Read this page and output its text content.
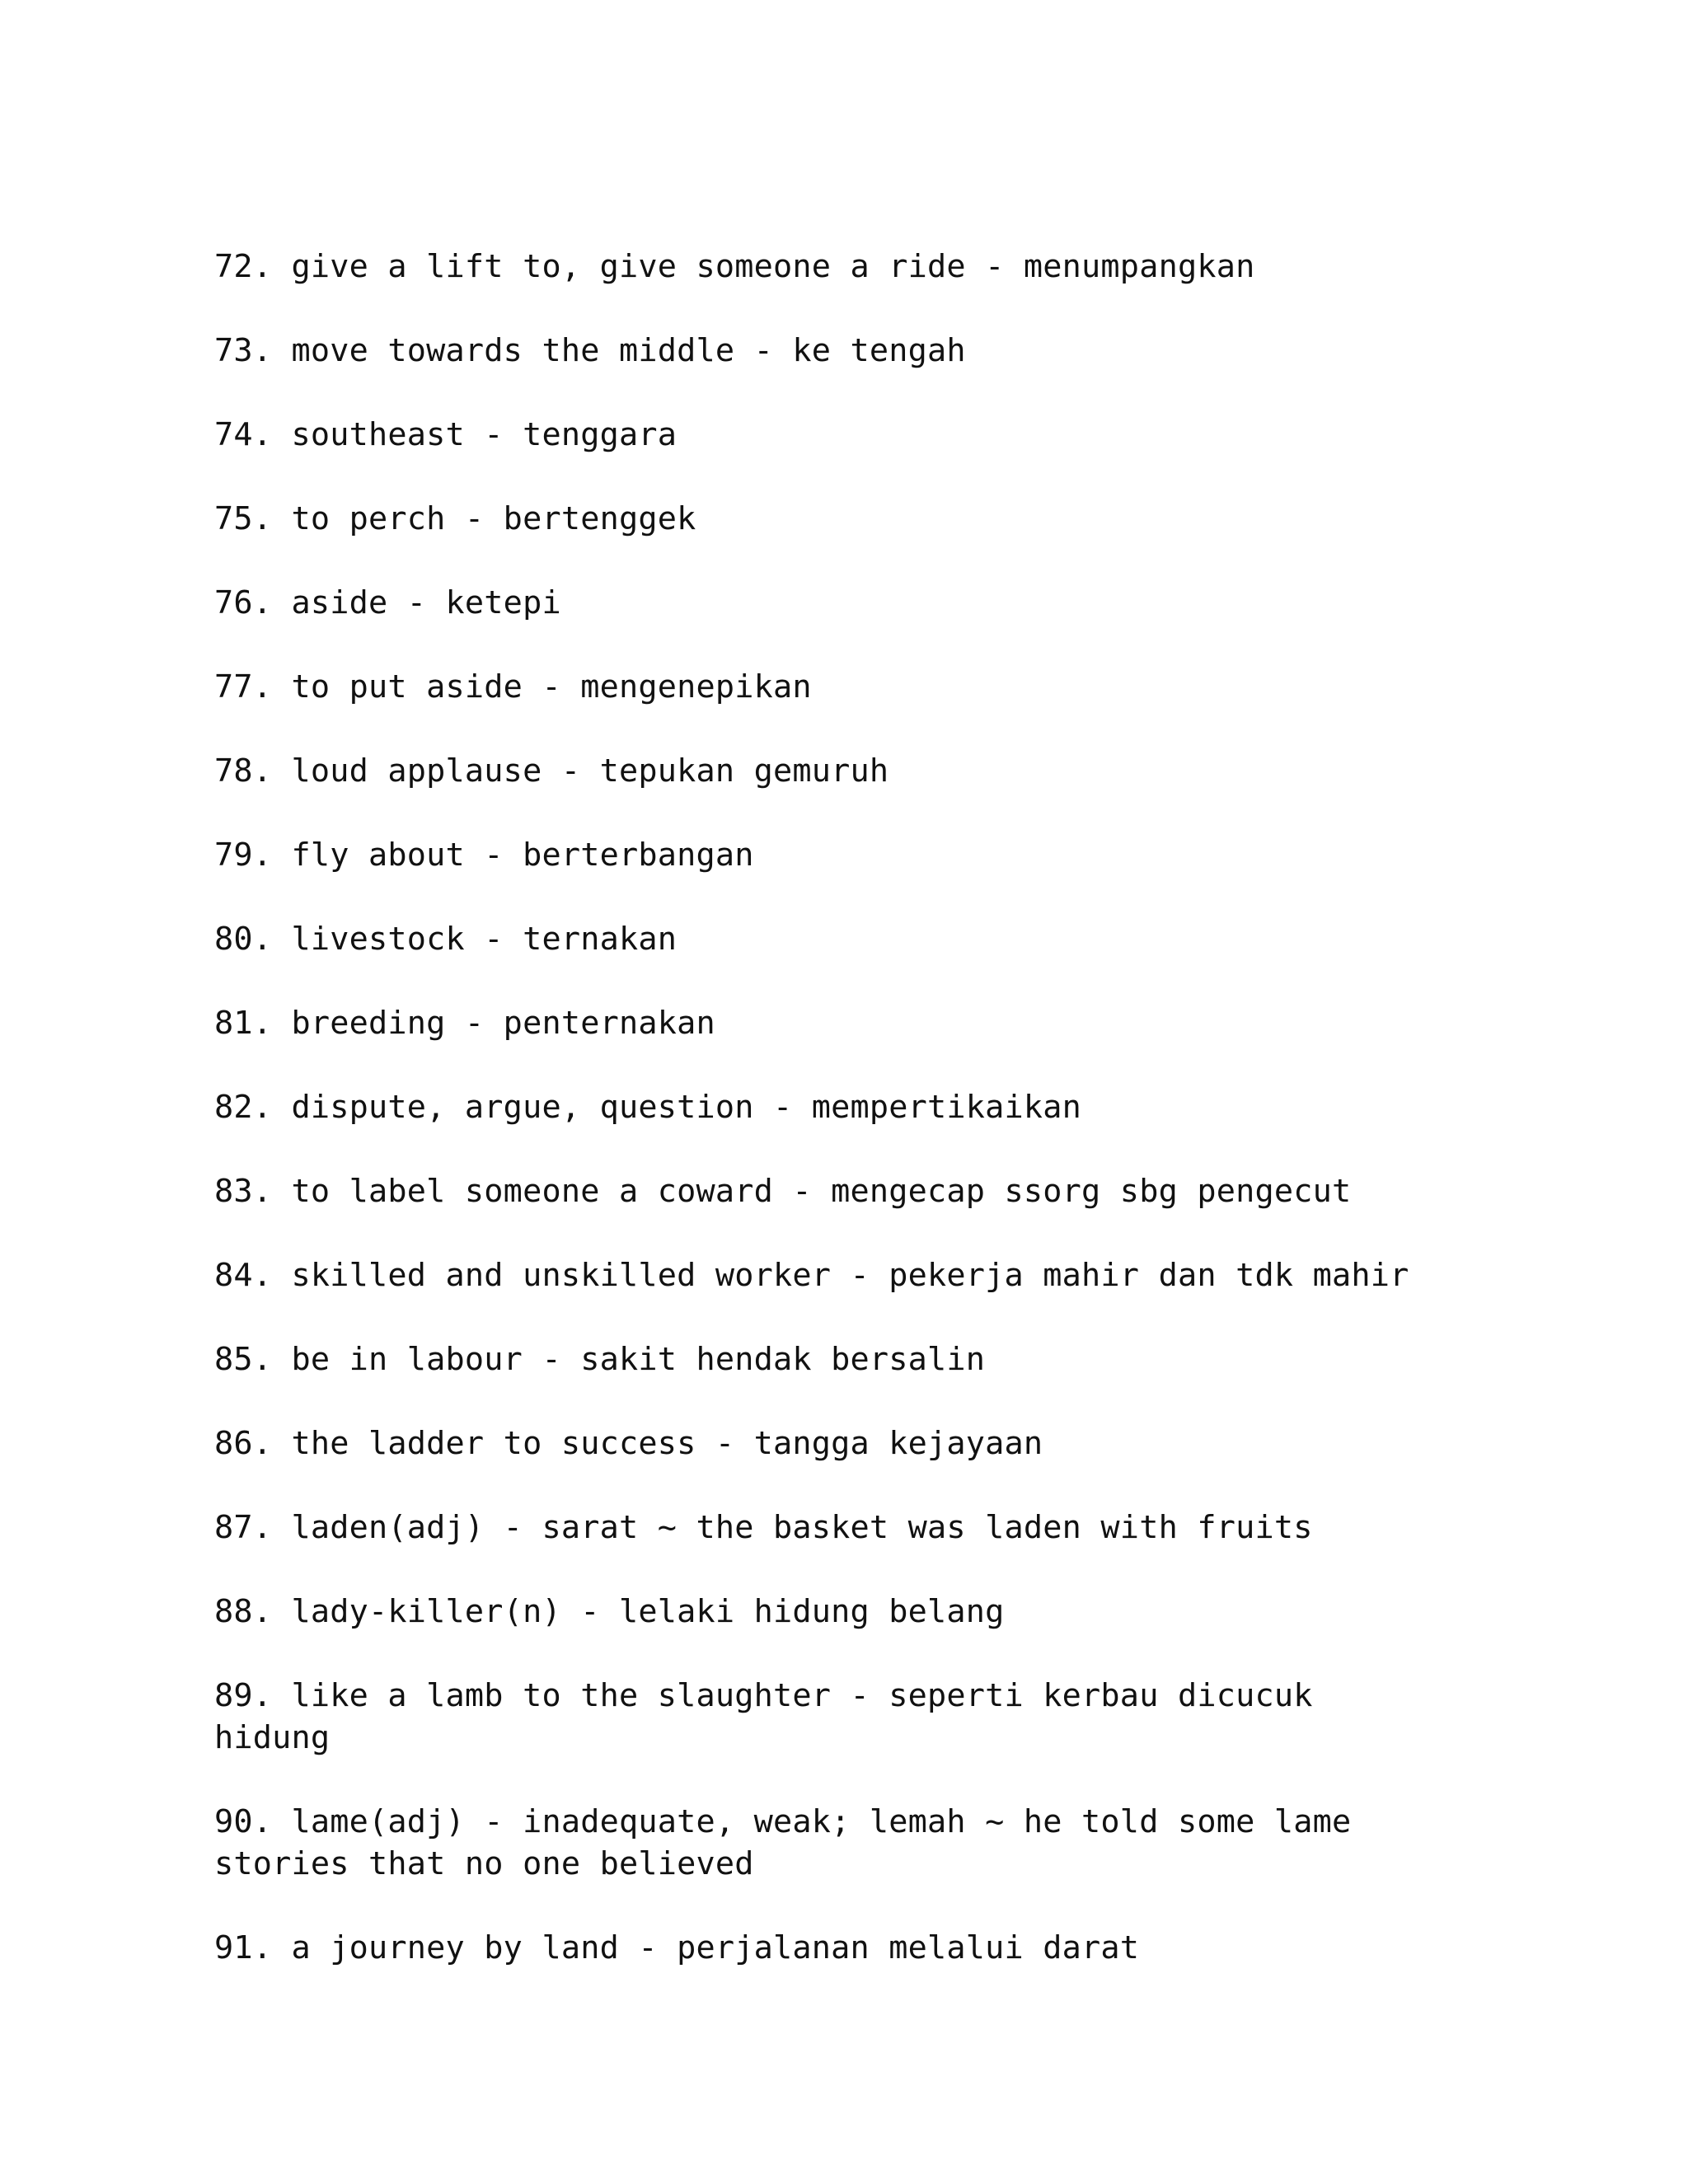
72. give a lift to, give someone a ride - menumpangkan
73. move towards the middle - ke tengah
74. southeast - tenggara
75. to perch - bertenggek
76. aside - ketepi
77. to put aside - mengenepikan
78. loud applause - tepukan gemuruh
79. fly about - berterbangan
80. livestock - ternakan
81. breeding - penternakan
82. dispute, argue, question - mempertikaikan
83. to label someone a coward - mengecap ssorg sbg pengecut
84. skilled and unskilled worker - pekerja mahir dan tdk mahir
85. be in labour - sakit hendak bersalin
86. the ladder to success - tangga kejayaan
87. laden(adj) - sarat ~ the basket was laden with fruits
88. lady-killer(n) - lelaki hidung belang
89. like a lamb to the slaughter - seperti kerbau dicucuk
hidung
90. lame(adj) - inadequate, weak; lemah ~ he told some lame
stories that no one believed
91. a journey by land - perjalanan melalui darat
